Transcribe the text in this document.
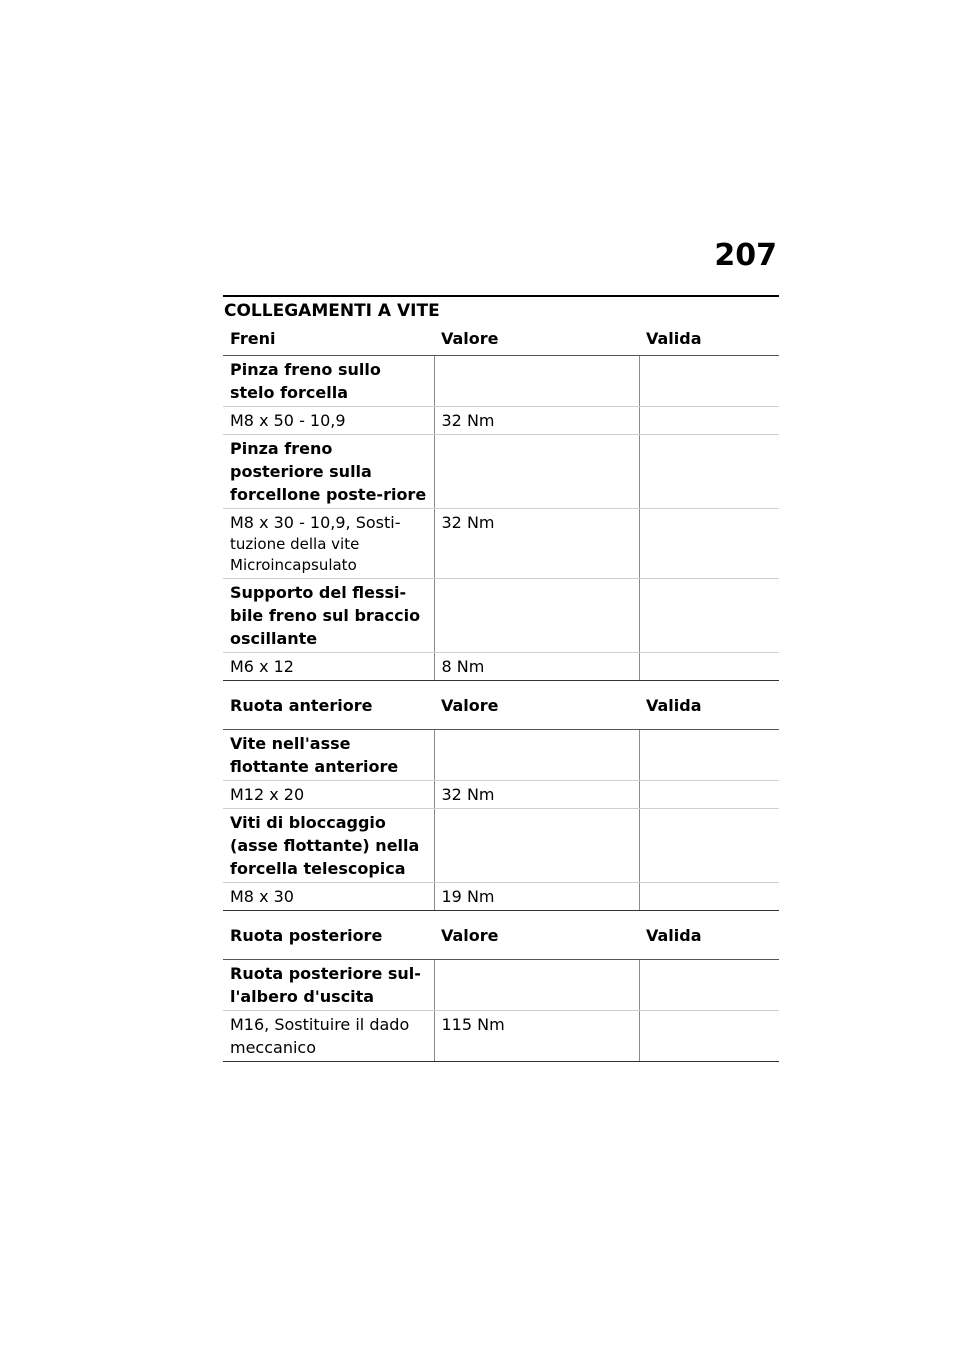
207
COLLEGAMENTI A VITE
Freni	Valore	Valida
Pinza freno sullo stelo forcella		
M8 x 50 - 10,9	32 Nm	
Pinza freno posteriore sulla forcellone poste-riore		

M8 x 30 - 10,9, Sosti-
tuzione della vite Microincapsulato	32 Nm	
Supporto del flessi-bile freno sul braccio oscillante		
M6 x 12	8 Nm	
Ruota anteriore	Valore	Valida
Vite nell'asse flottante anteriore		
M12 x 20	32 Nm	
Viti di bloccaggio (asse flottante) nella forcella telescopica		
M8 x 30	19 Nm	
Ruota posteriore	Valore	Valida
Ruota posteriore sul-l'albero d'uscita		
M16, Sostituire il dado meccanico	115 Nm	
